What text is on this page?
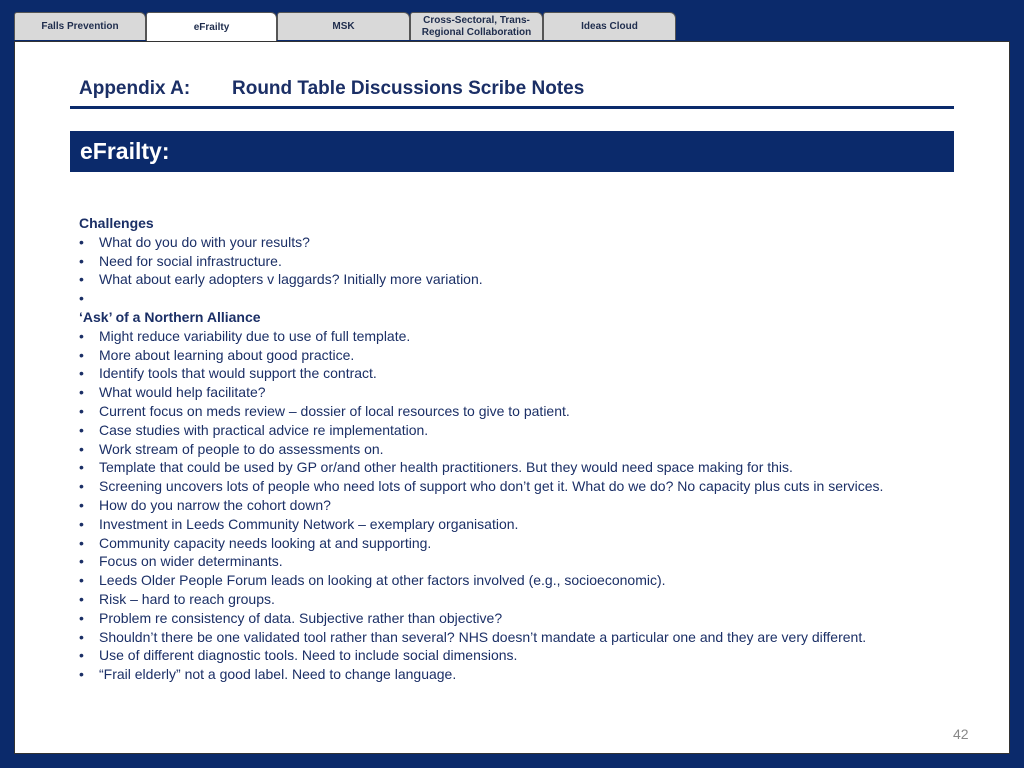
Falls Prevention	eFrailty	MSK
Cross-Sectoral, Trans-
Regional Collaboration
Ideas Cloud
Appendix A: Round Table Discussions Scribe Notes
eFrailty:
Challenges
• What do you do with your results?
• Need for social infrastructure.
• What about early adopters v laggards? Initially more variation.
•
‘Ask’ of a Northern Alliance
• Might reduce variability due to use of full template.
• More about learning about good practice.
• Identify tools that would support the contract.
• What would help facilitate?
• Current focus on meds review – dossier of local resources to give to patient.
• Case studies with practical advice re implementation.
• Work stream of people to do assessments on.
• Template that could be used by GP or/and other health practitioners. But they would need space making for this.
• Screening uncovers lots of people who need lots of support who don’t get it. What do we do? No capacity plus cuts in services.
• How do you narrow the cohort down?
• Investment in Leeds Community Network – exemplary organisation.
• Community capacity needs looking at and supporting.
• Focus on wider determinants.
• Leeds Older People Forum leads on looking at other factors involved (e.g., socioeconomic).
• Risk – hard to reach groups.
• Problem re consistency of data. Subjective rather than objective?
• Shouldn’t there be one validated tool rather than several? NHS doesn’t mandate a particular one and they are very different.
• Use of different diagnostic tools. Need to include social dimensions.
• “Frail elderly” not a good label. Need to change language.
42
